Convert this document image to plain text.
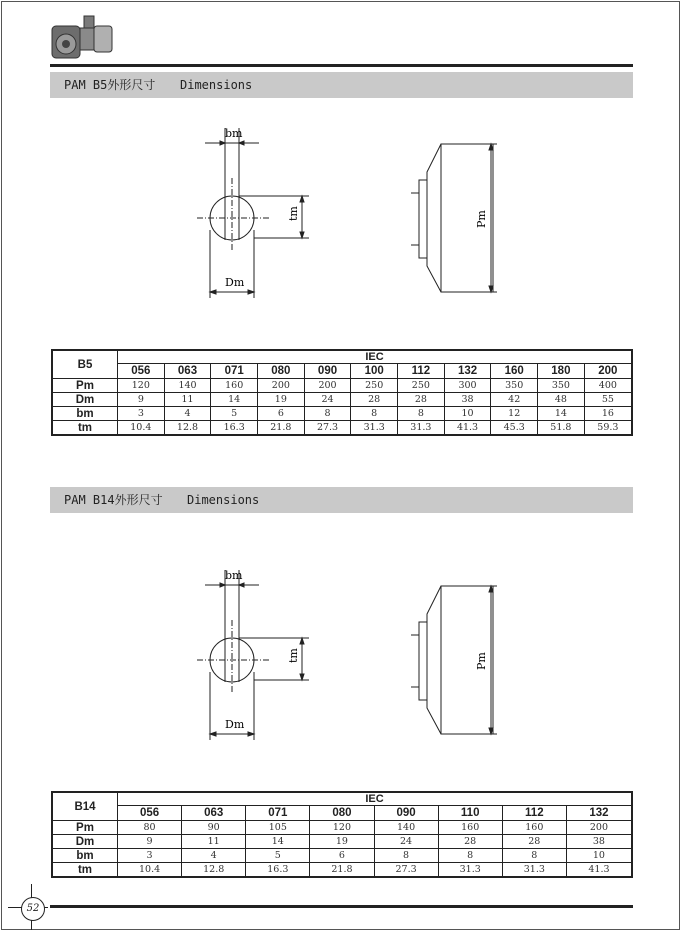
PAM B5外形尺寸 Dimensions
bm
tm
Dm
Pm
B5	IEC										
	056	063	071	080	090	100	112	132	160	180	200
Pm	120	140	160	200	200	250	250	300	350	350	400
Dm	9	11	14	19	24	28	28	38	42	48	55
bm	3	4	5	6	8	8	8	10	12	14	16
tm	10.4	12.8	16.3	21.8	27.3	31.3	31.3	41.3	45.3	51.8	59.3
PAM B14外形尺寸 Dimensions
bm
tm
Dm
Pm
B14	IEC							
	056	063	071	080	090	110	112	132
Pm	80	90	105	120	140	160	160	200
Dm	9	11	14	19	24	28	28	38
bm	3	4	5	6	8	8	8	10
tm	10.4	12.8	16.3	21.8	27.3	31.3	31.3	41.3
52
